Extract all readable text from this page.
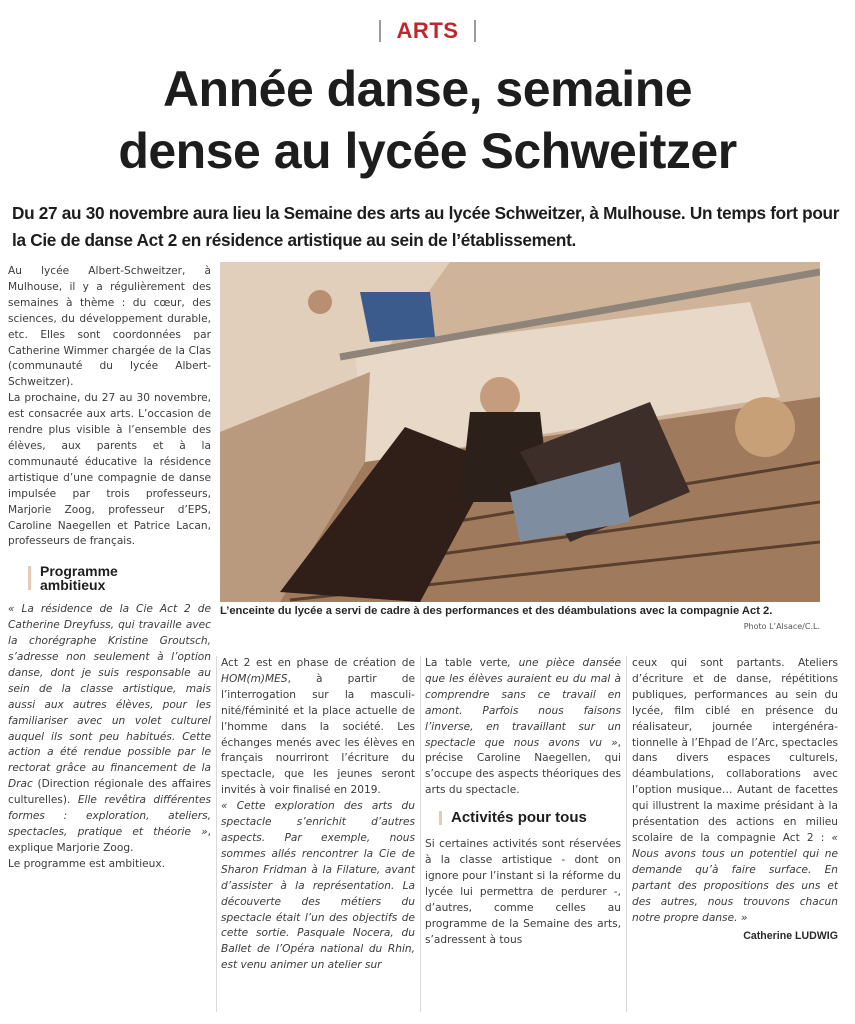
ARTS
Année danse, semaine
dense au lycée Schweitzer

Du 27 au 30 novembre aura lieu la Semaine des arts au lycée Schweitzer, à Mulhouse. Un temps fort pour la Cie de danse Act 2 en résidence artistique au sein de l’établissement.

Au lycée Albert-Schweitzer, à Mulhouse, il y a régulièrement des semaines à thème : du cœur, des sciences, du développement durable, etc. Elles sont coordonnées par Catherine Wimmer chargée de la Clas (communauté du lycée Albert-Schweitzer).

La prochaine, du 27 au 30 novembre, est consacrée aux arts. L’occasion de rendre plus visible à l’ensemble des élèves, aux parents et à la communauté éducative la résidence artistique d’une compagnie de danse impulsée par trois professeurs, Marjorie Zoog, professeur d’EPS, Caroline Naegellen et Patrice Lacan, professeurs de français.

Programme
ambitieux

« La résidence de la Cie Act 2 de Catherine Dreyfuss, qui travaille avec la chorégraphe Kristine Groutsch, s’adresse non seulement à l’option danse, dont je suis responsable au sein de la classe artistique, mais aussi aux autres élèves, pour les familiariser avec un volet culturel auquel ils sont peu habitués. Cette action a été rendue possible par le rectorat grâce au financement de la Drac (Direction régionale des affaires culturelles). Elle revêtira différentes formes : exploration, ateliers, spectacles, pratique et théorie », explique Marjorie Zoog.

Le programme est ambitieux.

L’enceinte du lycée a servi de cadre à des performances et des déambulations avec la compagnie Act 2.

Photo L’Alsace/C.L.

Act 2 est en phase de création de HOM(m)MES, à partir de l’interrogation sur la masculinité/féminité et la place actuelle de l’homme dans la société. Les échanges menés avec les élèves en français nourriront l’écriture du spectacle, que les jeunes seront invités à voir finalisé en 2019.

« Cette exploration des arts du spectacle s’enrichit d’autres aspects. Par exemple, nous sommes allés rencontrer la Cie de Sharon Fridman à la Filature, avant d’assister à la représentation. La découverte des métiers du spectacle était l’un des objectifs de cette sortie. Pasquale Nocera, du Ballet de l’Opéra national du Rhin, est venu animer un atelier sur

La table verte, une pièce dansée que les élèves auraient eu du mal à comprendre sans ce travail en amont. Parfois nous faisons l’inverse, en travaillant sur un spectacle que nous avons vu », précise Caroline Naegellen, qui s’occupe des aspects théoriques des arts du spectacle.

Activités pour tous

Si certaines activités sont réservées à la classe artistique - dont on ignore pour l’instant si la réforme du lycée lui permettra de perdurer -, d’autres, comme celles au programme de la Semaine des arts, s’adressent à tous

ceux qui sont partants. Ateliers d’écriture et de danse, répétitions publiques, performances au sein du lycée, film ciblé en présence du réalisateur, journée intergénérationnelle à l’Ehpad de l’Arc, spectacles dans divers espaces culturels, déambulations, collaborations avec l’option musique… Autant de facettes qui illustrent la maxime présidant à la présentation des actions en milieu scolaire de la compagnie Act 2 : « Nous avons tous un potentiel qui ne demande qu’à faire surface. En partant des propositions des uns et des autres, nous trouvons chacun notre propre danse. »

Catherine LUDWIG
